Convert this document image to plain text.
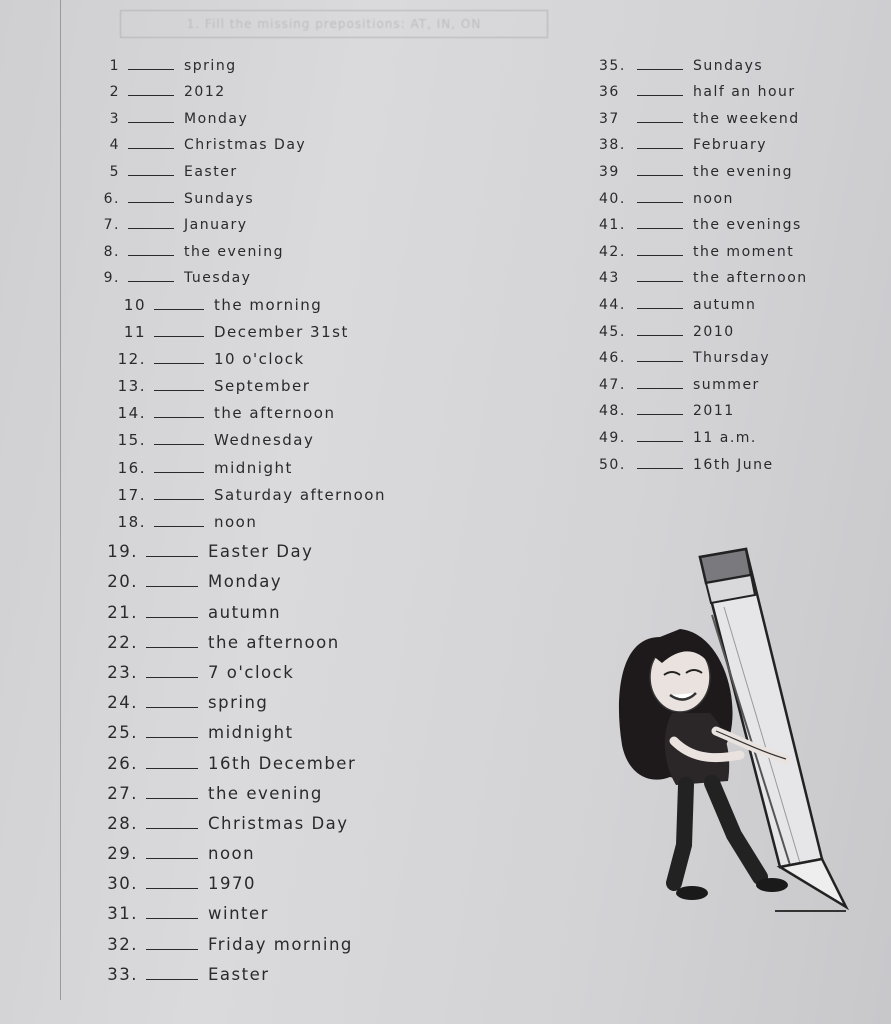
1. Fill the missing prepositions: AT, IN, ON
1	spring
2	2012
3	Monday
4	Christmas Day
5	Easter
6.	Sundays
7.	January
8.	the evening
9.	Tuesday
10	the morning
11	December 31st
12.	10 o'clock
13.	September
14.	the afternoon
15.	Wednesday
16.	midnight
17.	Saturday afternoon
18.	noon
19.	Easter Day
20.	Monday
21.	autumn
22.	the afternoon
23.	7 o'clock
24.	spring
25.	midnight
26.	16th December
27.	the evening
28.	Christmas Day
29.	noon
30.	1970
31.	winter
32.	Friday morning
33.	Easter
35.	Sundays
36	half an hour
37	the weekend
38.	February
39	the evening
40.	noon
41.	the evenings
42.	the moment
43	the afternoon
44.	autumn
45.	2010
46.	Thursday
47.	summer
48.	2011
49.	11 a.m.
50.	16th June
